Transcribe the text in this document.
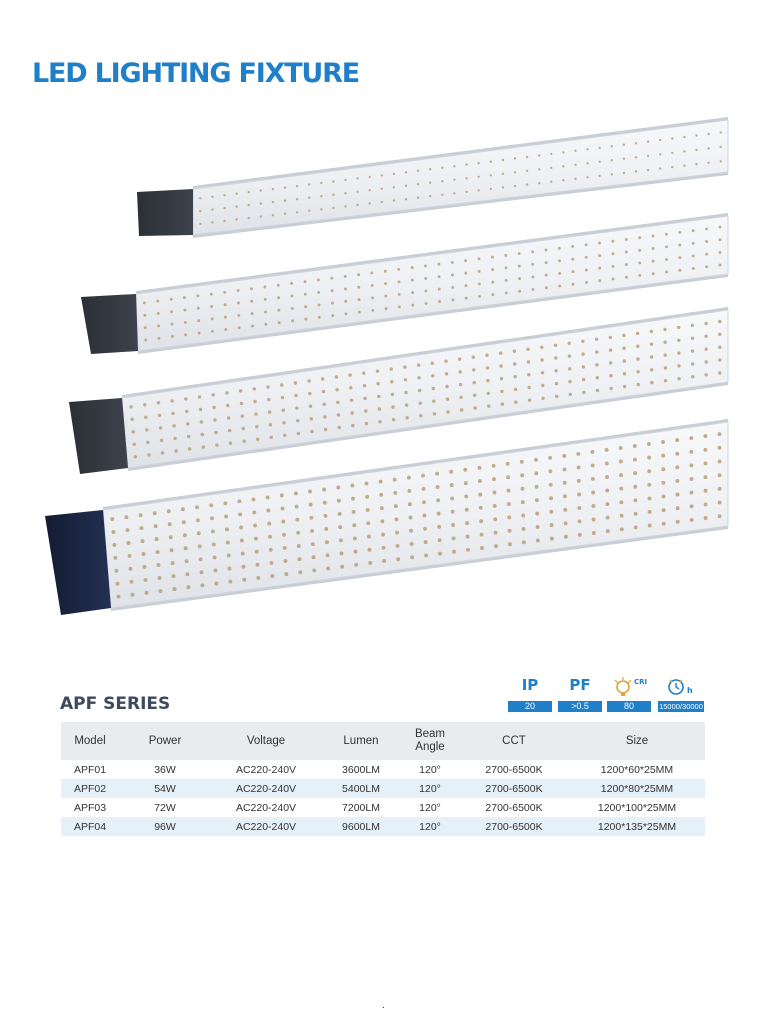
LED LIGHTING FIXTURE
APF SERIES
IP
20
PF
>0.5
CRI
80
h
15000/30000
Model	Power	Voltage	Lumen	Beam Angle	CCT	Size
APF01	36W	AC220-240V	3600LM	120°	2700-6500K	1200*60*25MM
APF02	54W	AC220-240V	5400LM	120°	2700-6500K	1200*80*25MM
APF03	72W	AC220-240V	7200LM	120°	2700-6500K	1200*100*25MM
APF04	96W	AC220-240V	9600LM	120°	2700-6500K	1200*135*25MM
.
